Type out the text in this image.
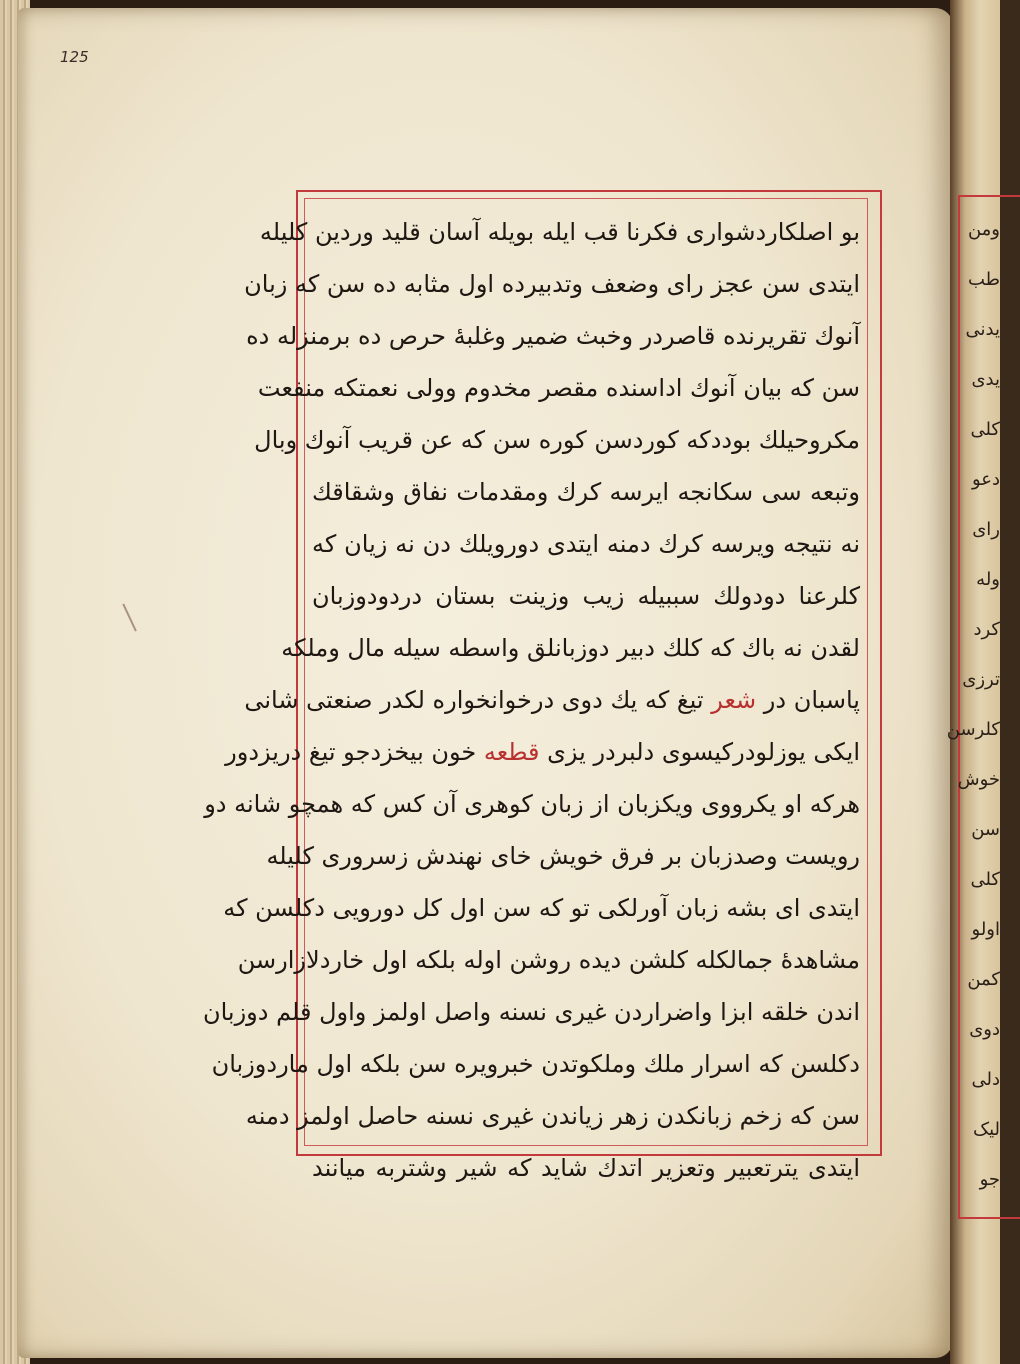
125
بو اصلکاردشواری فکرنا قب ایله بویله آسان قلید وردین کلیله
ایتدی سن عجز رای وضعف وتدبیرده اول مثابه ده سن که زبان
آنوك تقریرنده قاصردر وخبث ضمیر وغلبهٔ حرص ده برمنزله ده
سن که بیان آنوك اداسنده مقصر مخدوم وولی نعمتکه منفعت
مکروحیلك بوددکه کوردسن کوره سن که عن قریب آنوك وبال
وتبعه سی سکانجه ایرسه کرك ومقدمات نفاق وشقاقك
نه نتیجه ویرسه کرك دمنه ایتدی دورویلك دن نه زیان که
کلرعنا دودولك سببیله زیب وزینت بستان دردودوزبان
لقدن نه باك که کلك دبیر دوزبانلق واسطه سیله مال وملکه
پاسبان در شعر تیغ که یك دوی درخوانخواره لکدر صنعتی شانی
ایکی یوزلودرکیسوی دلبردر یزی قطعه خون بیخزدجو تیغ دریزدور
هرکه او یکرووی ویکزبان از زبان کوهری آن کس که همچو شانه دو
رویست وصدزبان بر فرق خویش خای نهندش زسروری کلیله
ایتدی ای بشه زبان آورلکی تو که سن اول کل دورویی دکلسن که
مشاهدهٔ جمالکله کلشن دیده روشن اوله بلکه اول خاردلازارسن
اندن خلقه ابزا واضراردن غیری نسنه واصل اولمز واول قلم دوزبان
دکلسن که اسرار ملك وملکوتدن خبرویره سن بلکه اول ماردوزبان
سن که زخم زبانکدن زهر زیاندن غیری نسنه حاصل اولمز دمنه
ایتدی یترتعبیر وتعزیر اتدك شاید که شیر وشتربه میانند
ومن
طب
یدنی
یدی
کلی
دعو
رای
وله
کرد
ترزی
کلرسن
خوش
سن
کلی
اولو
کمن
دوی
دلی
لیک
جو
